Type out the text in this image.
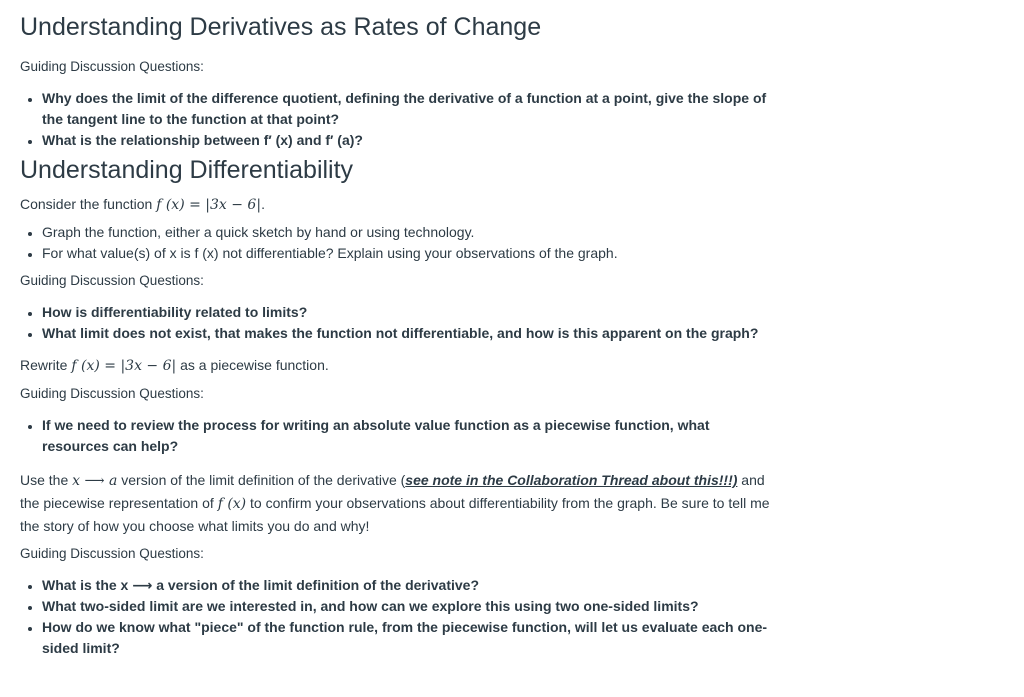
Understanding Derivatives as Rates of Change

Guiding Discussion Questions:

• Why does the limit of the difference quotient, defining the derivative of a function at a point, give the slope of the tangent line to the function at that point?
• What is the relationship between f′ (x) and f′ (a)?
Understanding Differentiability

Consider the function f (x) = |3x − 6|.

• Graph the function, either a quick sketch by hand or using technology.
• For what value(s) of x is f (x) not differentiable? Explain using your observations of the graph.

Guiding Discussion Questions:

• How is differentiability related to limits?
• What limit does not exist, that makes the function not differentiable, and how is this apparent on the graph?

Rewrite f (x) = |3x − 6| as a piecewise function.

Guiding Discussion Questions:

• If we need to review the process for writing an absolute value function as a piecewise function, what resources can help?

Use the x ⟶ a version of the limit definition of the derivative (see note in the Collaboration Thread about this!!!) and the piecewise representation of f (x) to confirm your observations about differentiability from the graph. Be sure to tell me the story of how you choose what limits you do and why!

Guiding Discussion Questions:

• What is the x ⟶ a version of the limit definition of the derivative?
• What two-sided limit are we interested in, and how can we explore this using two one-sided limits?
• How do we know what "piece" of the function rule, from the piecewise function, will let us evaluate each one-sided limit?
